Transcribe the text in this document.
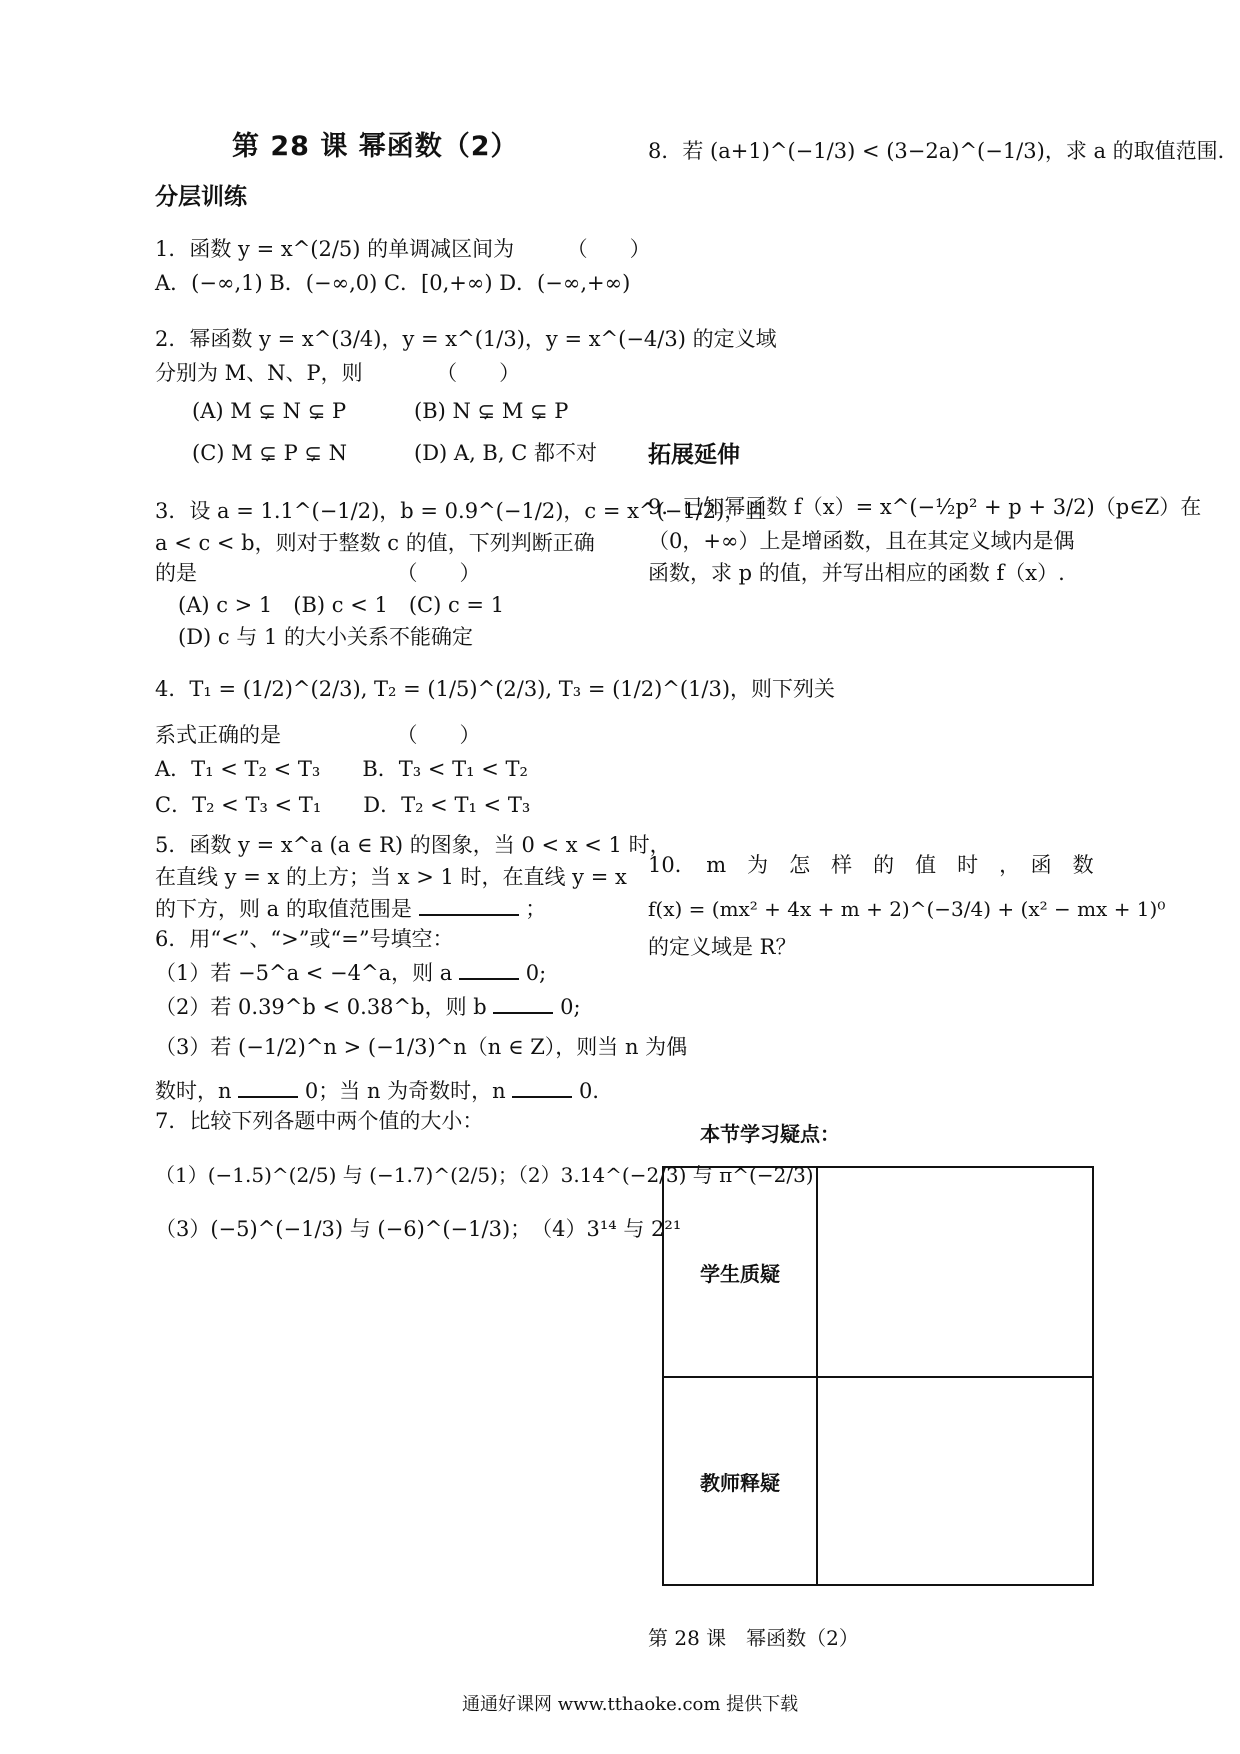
第 28 课 幂函数（2）
分层训练
1．函数 y = x^(2/5) 的单调减区间为　　　（　　）
A．(−∞,1) B．(−∞,0) C．[0,+∞) D．(−∞,+∞)
2．幂函数 y = x^(3/4)，y = x^(1/3)，y = x^(−4/3) 的定义域
分别为 M、N、P，则　　　　（　　）
(A) M ⊊ N ⊊ P	(B) N ⊊ M ⊊ P
(C) M ⊊ P ⊊ N	(D) A, B, C 都不对
3．设 a = 1.1^(−1/2)，b = 0.9^(−1/2)，c = x^(−1/2)，且
a < c < b，则对于整数 c 的值，下列判断正确
的是　　　　　　　　　　（　　）
(A) c > 1　(B) c < 1　(C) c = 1
(D) c 与 1 的大小关系不能确定
4．T₁ = (1/2)^(2/3), T₂ = (1/5)^(2/3), T₃ = (1/2)^(1/3)，则下列关
系式正确的是　　　　　　（　　）
A．T₁ < T₂ < T₃　　B．T₃ < T₁ < T₂
C．T₂ < T₃ < T₁　　D．T₂ < T₁ < T₃
5．函数 y = x^a (a ∈ R) 的图象，当 0 < x < 1 时，
在直线 y = x 的上方；当 x > 1 时，在直线 y = x
的下方，则 a 的取值范围是	；
6．用“<”、“>”或“=”号填空：
（1）若 −5^a < −4^a，则 a	0;
（2）若 0.39^b < 0.38^b，则 b	0;
（3）若 (−1/2)^n > (−1/3)^n（n ∈ Z），则当 n 为偶
数时，n	0；当 n 为奇数时，n	0．
7．比较下列各题中两个值的大小：
（1）(−1.5)^(2/5) 与 (−1.7)^(2/5)；（2）3.14^(−2/3) 与 π^(−2/3)
（3）(−5)^(−1/3) 与 (−6)^(−1/3)；　（4）3¹⁴ 与 2²¹
8．若 (a+1)^(−1/3) < (3−2a)^(−1/3)，求 a 的取值范围．
拓展延伸
9．已知幂函数 f（x）= x^(−½p² + p + 3/2)（p∈Z）在
（0，+∞）上是增函数，且在其定义域内是偶
函数，求 p 的值，并写出相应的函数 f（x）.
10．　m　为　怎　样　的　值　时　，　函　数
f(x) = (mx² + 4x + m + 2)^(−3/4) + (x² − mx + 1)⁰
的定义域是 R？
本节学习疑点：
学生质疑
教师释疑
第 28 课　幂函数（2）
通通好课网 www.tthaoke.com 提供下载
